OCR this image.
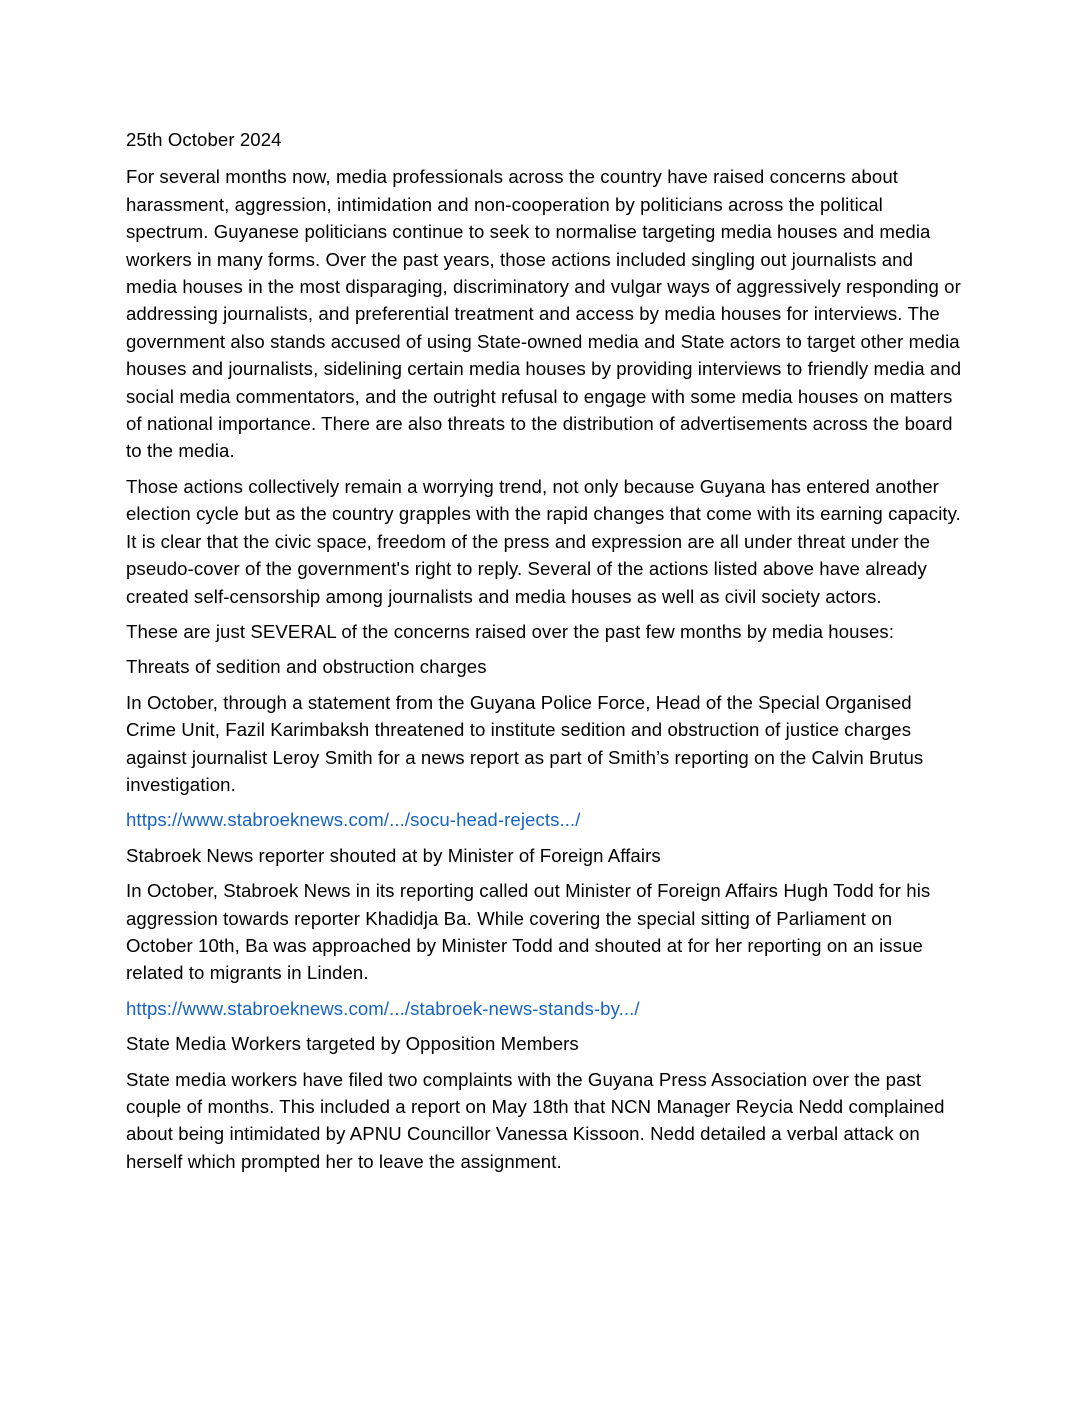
25th October 2024

For several months now, media professionals across the country have raised concerns about harassment, aggression, intimidation and non-cooperation by politicians across the political spectrum. Guyanese politicians continue to seek to normalise targeting media houses and media workers in many forms. Over the past years, those actions included singling out journalists and media houses in the most disparaging, discriminatory and vulgar ways of aggressively responding or addressing journalists, and preferential treatment and access by media houses for interviews. The government also stands accused of using State-owned media and State actors to target other media houses and journalists, sidelining certain media houses by providing interviews to friendly media and social media commentators, and the outright refusal to engage with some media houses on matters of national importance. There are also threats to the distribution of advertisements across the board to the media.

Those actions collectively remain a worrying trend, not only because Guyana has entered another election cycle but as the country grapples with the rapid changes that come with its earning capacity. It is clear that the civic space, freedom of the press and expression are all under threat under the pseudo-cover of the government's right to reply. Several of the actions listed above have already created self-censorship among journalists and media houses as well as civil society actors.

These are just SEVERAL of the concerns raised over the past few months by media houses:

Threats of sedition and obstruction charges

In October, through a statement from the Guyana Police Force, Head of the Special Organised Crime Unit, Fazil Karimbaksh threatened to institute sedition and obstruction of justice charges against journalist Leroy Smith for a news report as part of Smith’s reporting on the Calvin Brutus investigation.

https://www.stabroeknews.com/.../socu-head-rejects.../

Stabroek News reporter shouted at by Minister of Foreign Affairs

In October, Stabroek News in its reporting called out Minister of Foreign Affairs Hugh Todd for his aggression towards reporter Khadidja Ba. While covering the special sitting of Parliament on October 10th, Ba was approached by Minister Todd and shouted at for her reporting on an issue related to migrants in Linden.

https://www.stabroeknews.com/.../stabroek-news-stands-by.../

State Media Workers targeted by Opposition Members

State media workers have filed two complaints with the Guyana Press Association over the past couple of months. This included a report on May 18th that NCN Manager Reycia Nedd complained about being intimidated by APNU Councillor Vanessa Kissoon. Nedd detailed a verbal attack on herself which prompted her to leave the assignment.
